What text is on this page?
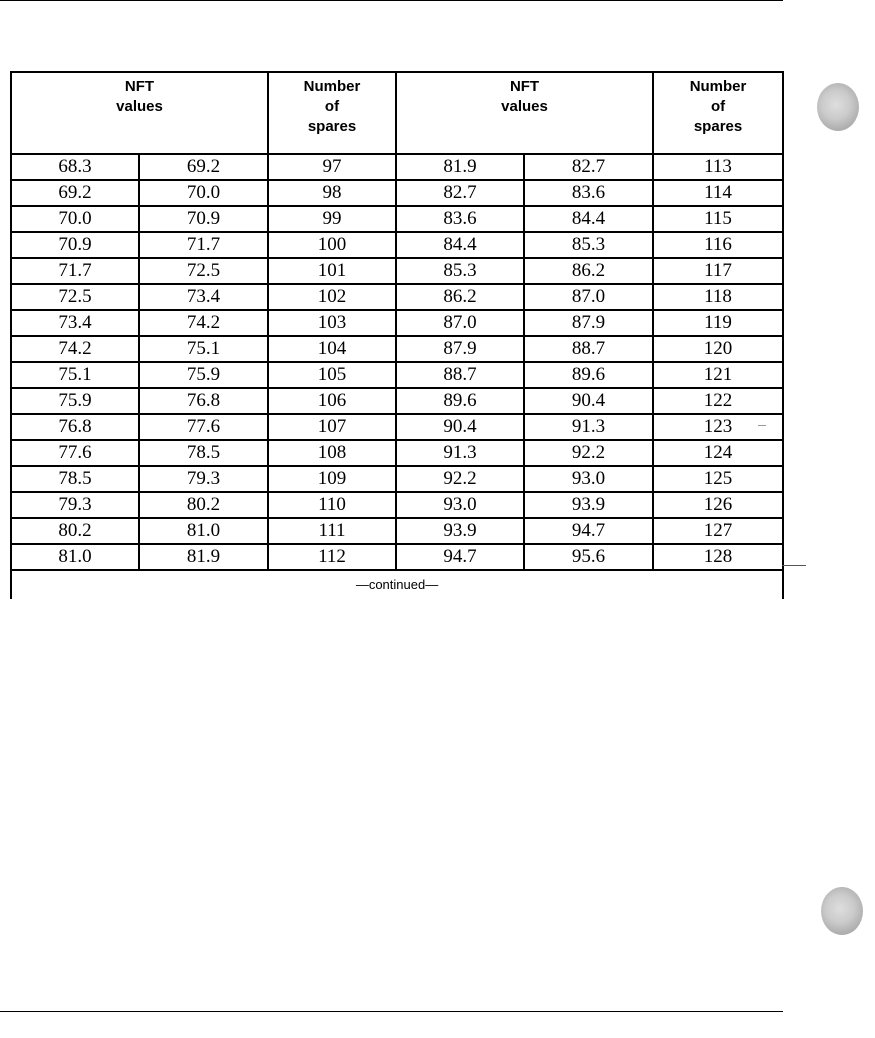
NFT
values		Number
of
spares	NFT
values		Number
of
spares

68.3	69.2	97	81.9	82.7	113
69.2	70.0	98	82.7	83.6	114
70.0	70.9	99	83.6	84.4	115
70.9	71.7	100	84.4	85.3	116
71.7	72.5	101	85.3	86.2	117
72.5	73.4	102	86.2	87.0	118
73.4	74.2	103	87.0	87.9	119
74.2	75.1	104	87.9	88.7	120
75.1	75.9	105	88.7	89.6	121
75.9	76.8	106	89.6	90.4	122
76.8	77.6	107	90.4	91.3	123
77.6	78.5	108	91.3	92.2	124
78.5	79.3	109	92.2	93.0	125
79.3	80.2	110	93.0	93.9	126
80.2	81.0	111	93.9	94.7	127
81.0	81.9	112	94.7	95.6	128
—continued—					
